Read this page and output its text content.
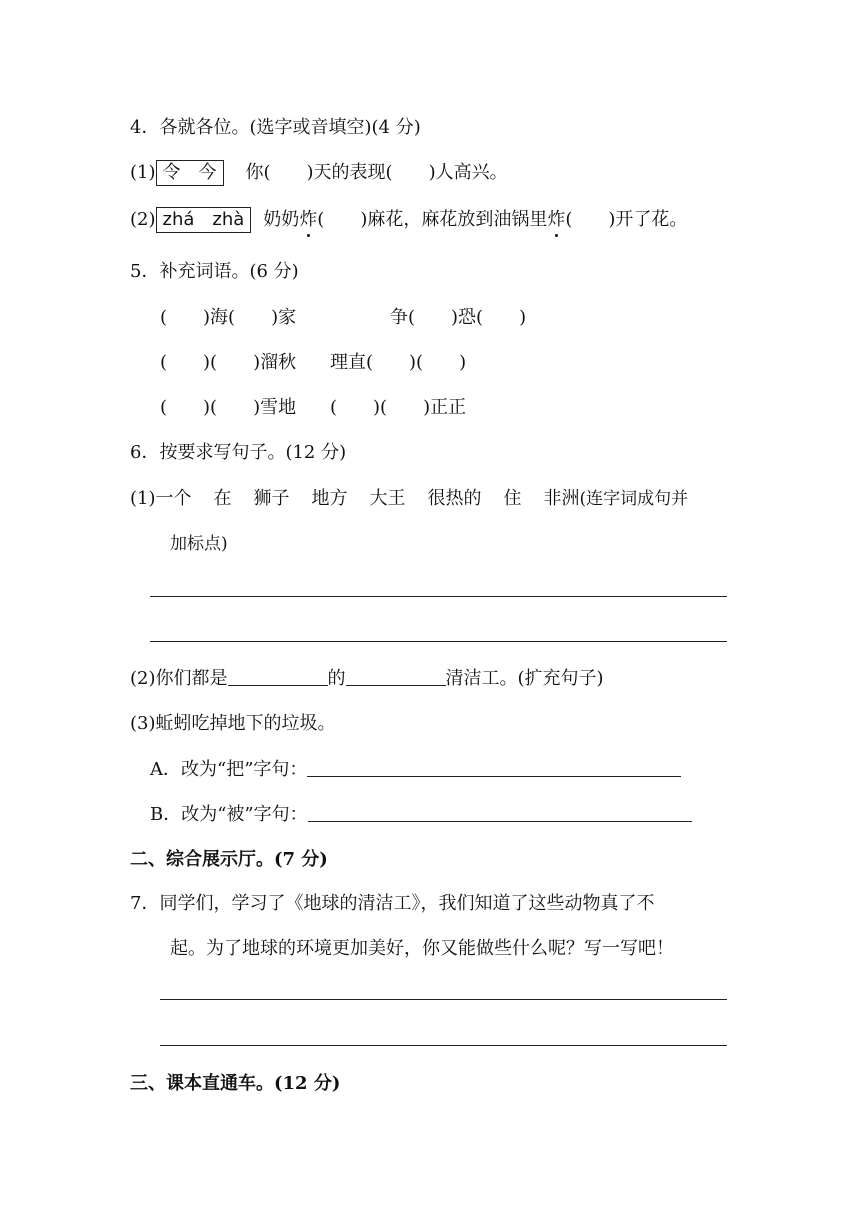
4．各就各位。(选字或音填空)(4 分)
(1) 令　今 你( )天的表现( )人高兴。
(2) zhá　zhà 奶奶炸( )麻花，麻花放到油锅里炸( )开了花。
5．补充词语。(6 分)
(　　)海(　　)家	争(　　)恐(　　)
(　　)(　　)溜秋 理直(　　)(　　)
(　　)(　　)雪地 (　　)(　　)正正
6．按要求写句子。(12 分)
(1)一个 在 狮子 地方 大王 很热的 住 非洲(连字词成句并
加标点)
(2)你们都是	的	清洁工。(扩充句子)
(3)蚯蚓吃掉地下的垃圾。
A．改为“把”字句：
B．改为“被”字句：
二、综合展示厅。(7 分)
7．同学们，学习了《地球的清洁工》，我们知道了这些动物真了不
起。为了地球的环境更加美好，你又能做些什么呢？写一写吧！
三、课本直通车。(12 分)
